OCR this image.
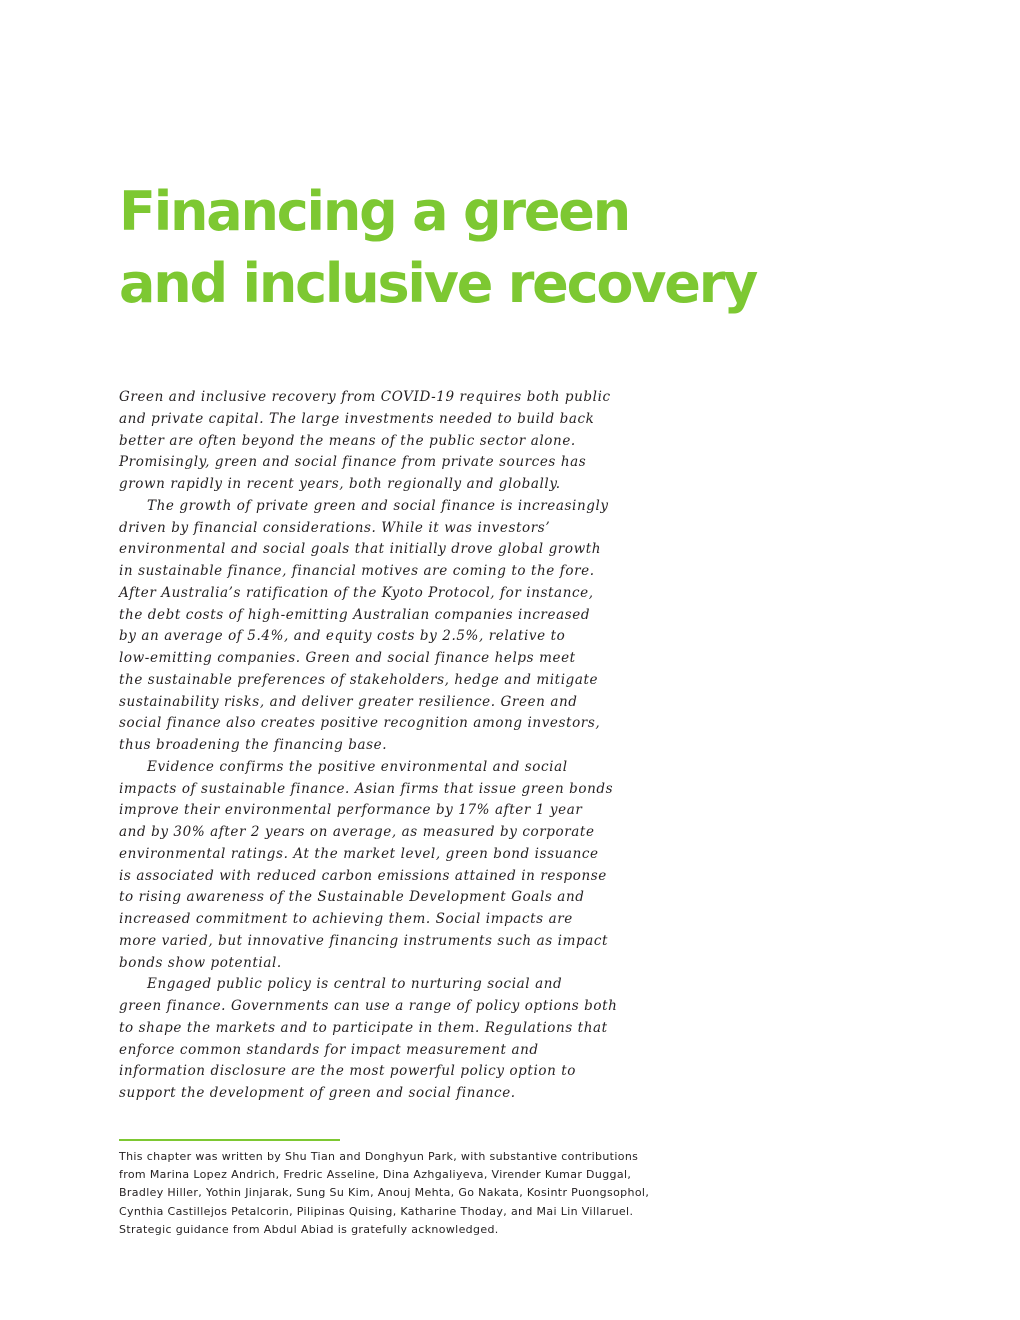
Financing a green
and inclusive recovery
Green and inclusive recovery from COVID-19 requires both public
and private capital. The large investments needed to build back
better are often beyond the means of the public sector alone.
Promisingly, green and social finance from private sources has
grown rapidly in recent years, both regionally and globally.
The growth of private green and social finance is increasingly
driven by financial considerations. While it was investors’
environmental and social goals that initially drove global growth
in sustainable finance, financial motives are coming to the fore.
After Australia’s ratification of the Kyoto Protocol, for instance,
the debt costs of high-emitting Australian companies increased
by an average of 5.4%, and equity costs by 2.5%, relative to
low-emitting companies. Green and social finance helps meet
the sustainable preferences of stakeholders, hedge and mitigate
sustainability risks, and deliver greater resilience. Green and
social finance also creates positive recognition among investors,
thus broadening the financing base.
Evidence confirms the positive environmental and social
impacts of sustainable finance. Asian firms that issue green bonds
improve their environmental performance by 17% after 1 year
and by 30% after 2 years on average, as measured by corporate
environmental ratings. At the market level, green bond issuance
is associated with reduced carbon emissions attained in response
to rising awareness of the Sustainable Development Goals and
increased commitment to achieving them. Social impacts are
more varied, but innovative financing instruments such as impact
bonds show potential.
Engaged public policy is central to nurturing social and
green finance. Governments can use a range of policy options both
to shape the markets and to participate in them. Regulations that
enforce common standards for impact measurement and
information disclosure are the most powerful policy option to
support the development of green and social finance.
This chapter was written by Shu Tian and Donghyun Park, with substantive contributions
from Marina Lopez Andrich, Fredric Asseline, Dina Azhgaliyeva, Virender Kumar Duggal,
Bradley Hiller, Yothin Jinjarak, Sung Su Kim, Anouj Mehta, Go Nakata, Kosintr Puongsophol,
Cynthia Castillejos Petalcorin, Pilipinas Quising, Katharine Thoday, and Mai Lin Villaruel.
Strategic guidance from Abdul Abiad is gratefully acknowledged.
